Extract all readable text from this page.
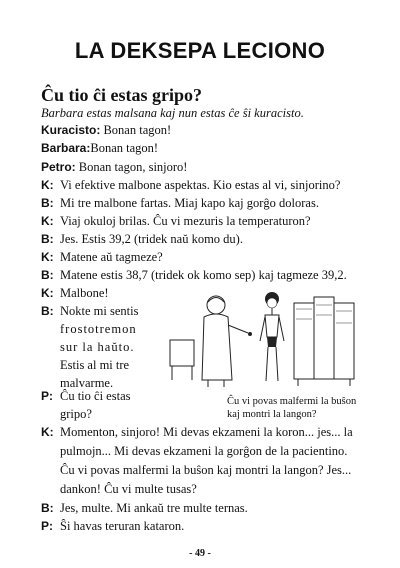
LA DEKSEPA LECIONO
Ĉu tio ĉi estas gripo?
Barbara estas malsana kaj nun estas ĉe ŝi kuracisto.
Kuracisto: Bonan tagon!
Barbara:Bonan tagon!
Petro: Bonan tagon, sinjoro!
K: Vi efektive malbone aspektas. Kio estas al vi, sinjorino?
B: Mi tre malbone fartas. Miaj kapo kaj gorĝo doloras.
K: Viaj okuloj brilas. Ĉu vi mezuris la temperaturon?
B: Jes. Estis 39,2 (tridek naŭ komo du).
K: Matene aŭ tagmeze?
B: Matene estis 38,7 (tridek ok komo sep) kaj tagmeze 39,2.
K: Malbone!
B: Nokte mi sentis
frostotremon
sur la haŭto.
Estis al mi tre
malvarme.
P: Ĉu tio ĉi estas
gripo?
Ĉu vi povas malfermi la buŝon
kaj montri la langon?
K: Momenton, sinjoro! Mi devas ekzameni la koron... jes... la
pulmojn... Mi devas ekzameni la gorĝon de la pacientino.
Ĉu vi povas malfermi la buŝon kaj montri la langon? Jes...
dankon! Ĉu vi multe tusas?
B: Jes, multe. Mi ankaŭ tre multe ternas.
P: Ŝi havas teruran kataron.
- 49 -
